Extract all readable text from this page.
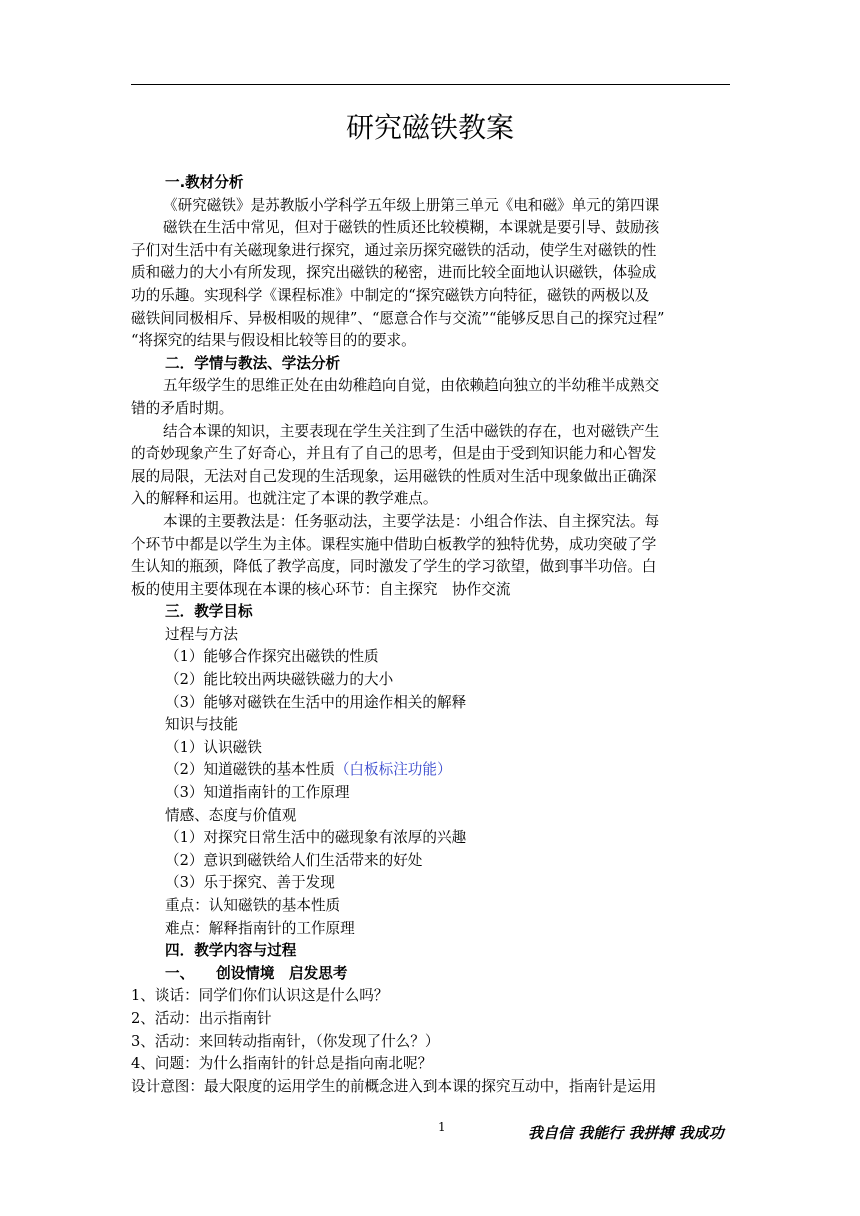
研究磁铁教案
一.教材分析
《研究磁铁》是苏教版小学科学五年级上册第三单元《电和磁》单元的第四课
磁铁在生活中常见，但对于磁铁的性质还比较模糊，本课就是要引导、鼓励孩
子们对生活中有关磁现象进行探究，通过亲历探究磁铁的活动，使学生对磁铁的性
质和磁力的大小有所发现，探究出磁铁的秘密，进而比较全面地认识磁铁，体验成
功的乐趣。实现科学《课程标准》中制定的“探究磁铁方向特征，磁铁的两极以及
磁铁间同极相斥、异极相吸的规律”、“愿意合作与交流”“能够反思自己的探究过程”
“将探究的结果与假设相比较等目的的要求。
二．学情与教法、学法分析
五年级学生的思维正处在由幼稚趋向自觉，由依赖趋向独立的半幼稚半成熟交
错的矛盾时期。
结合本课的知识，主要表现在学生关注到了生活中磁铁的存在，也对磁铁产生
的奇妙现象产生了好奇心，并且有了自己的思考，但是由于受到知识能力和心智发
展的局限，无法对自己发现的生活现象，运用磁铁的性质对生活中现象做出正确深
入的解释和运用。也就注定了本课的教学难点。
本课的主要教法是：任务驱动法，主要学法是：小组合作法、自主探究法。每
个环节中都是以学生为主体。课程实施中借助白板教学的独特优势，成功突破了学
生认知的瓶颈，降低了教学高度，同时激发了学生的学习欲望，做到事半功倍。白
板的使用主要体现在本课的核心环节：自主探究　协作交流
三．教学目标
过程与方法
（1）能够合作探究出磁铁的性质
（2）能比较出两块磁铁磁力的大小
（3）能够对磁铁在生活中的用途作相关的解释
知识与技能
（1）认识磁铁
（2）知道磁铁的基本性质（白板标注功能）
（3）知道指南针的工作原理
情感、态度与价值观
（1）对探究日常生活中的磁现象有浓厚的兴趣
（2）意识到磁铁给人们生活带来的好处
（3）乐于探究、善于发现
重点：认知磁铁的基本性质
难点：解释指南针的工作原理
四．教学内容与过程
一、　　创设情境　启发思考
1、谈话：同学们你们认识这是什么吗？
2、活动：出示指南针
3、活动：来回转动指南针，（你发现了什么？）
4、问题：为什么指南针的针总是指向南北呢？
设计意图：最大限度的运用学生的前概念进入到本课的探究互动中，指南针是运用
1	我自信 我能行 我拼搏 我成功
